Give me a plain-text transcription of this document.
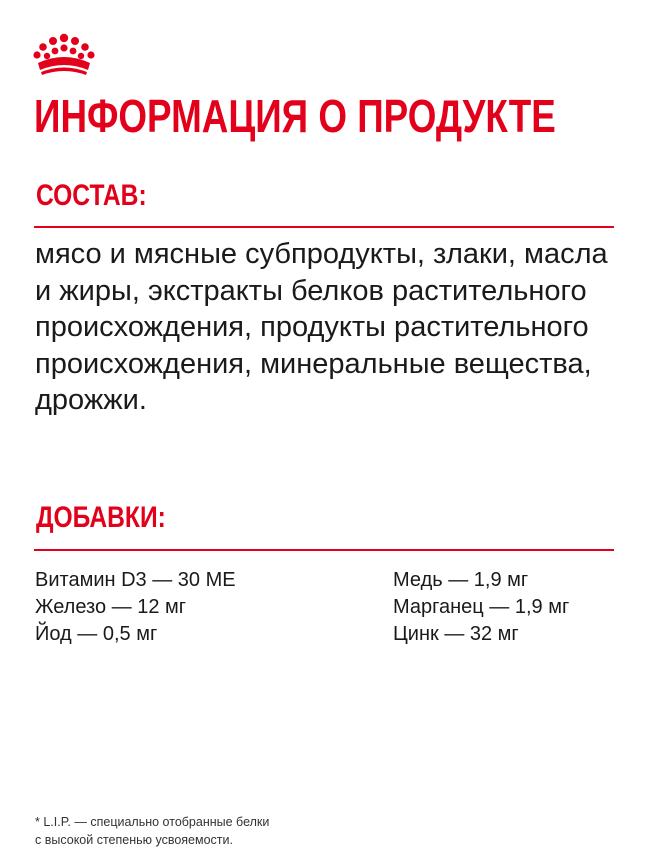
ИНФОРМАЦИЯ О ПРОДУКТЕ
СОСТАВ:

мясо и мясные субпродукты, злаки, масла и жиры, экстракты белков растительного происхождения, продукты растительного происхождения, минеральные вещества, дрожжи.

ДОБАВКИ:
Витамин D3 — 30 МЕ
Железо — 12 мг
Йод — 0,5 мг
Медь — 1,9 мг
Марганец — 1,9 мг
Цинк — 32 мг

* L.I.P. — специально отобранные белки
с высокой степенью усвояемости.
